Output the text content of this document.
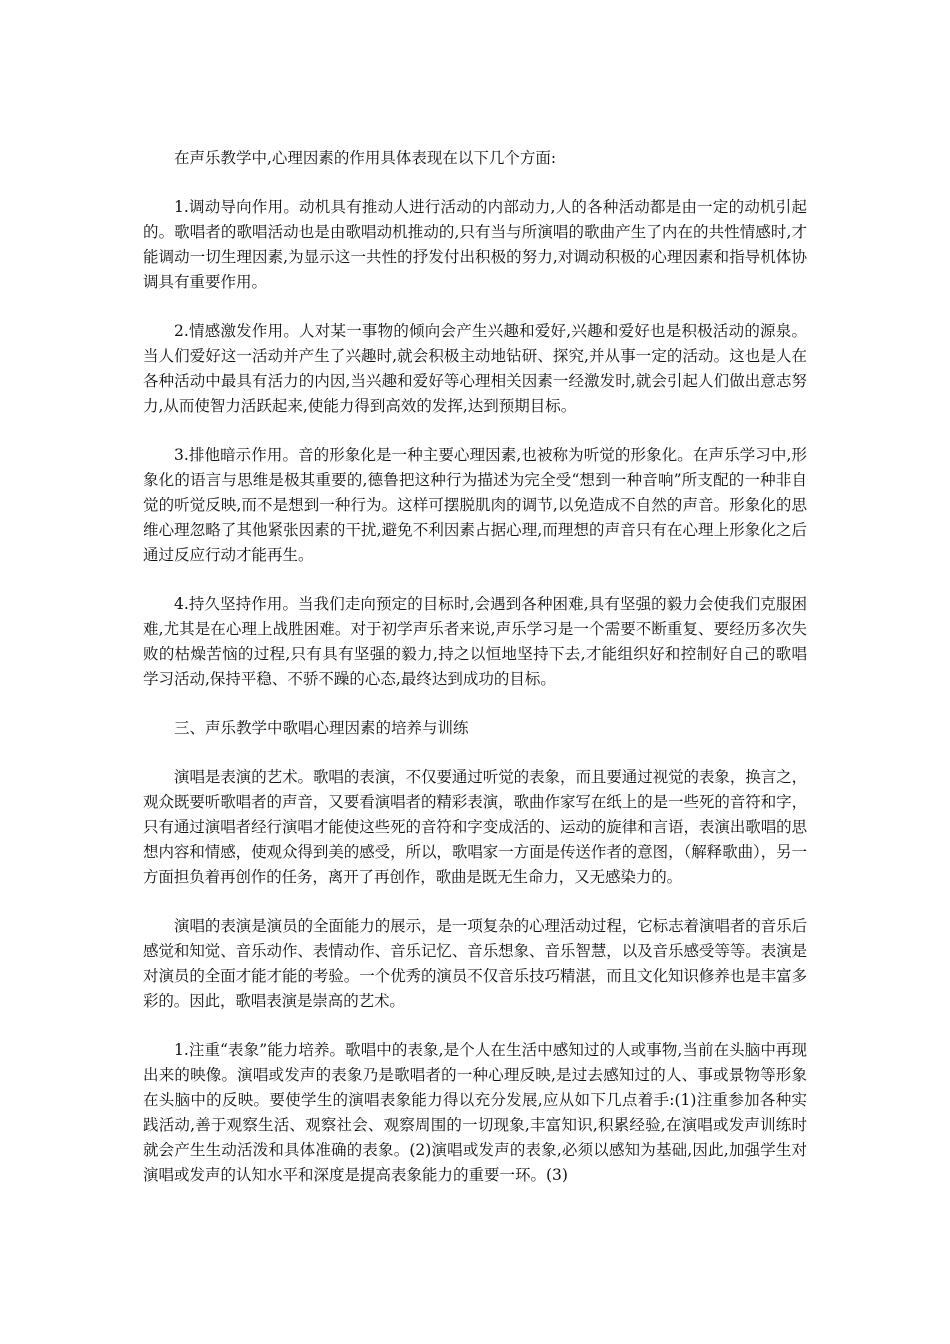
在声乐教学中,心理因素的作用具体表现在以下几个方面:

1.调动导向作用。动机具有推动人进行活动的内部动力,人的各种活动都是由一定的动机引起的。歌唱者的歌唱活动也是由歌唱动机推动的,只有当与所演唱的歌曲产生了内在的共性情感时,才能调动一切生理因素,为显示这一共性的抒发付出积极的努力,对调动积极的心理因素和指导机体协调具有重要作用。

2.情感激发作用。人对某一事物的倾向会产生兴趣和爱好,兴趣和爱好也是积极活动的源泉。当人们爱好这一活动并产生了兴趣时,就会积极主动地钻研、探究,并从事一定的活动。这也是人在各种活动中最具有活力的内因,当兴趣和爱好等心理相关因素一经激发时,就会引起人们做出意志努力,从而使智力活跃起来,使能力得到高效的发挥,达到预期目标。

3.排他暗示作用。音的形象化是一种主要心理因素,也被称为听觉的形象化。在声乐学习中,形象化的语言与思维是极其重要的,德鲁把这种行为描述为完全受“想到一种音响”所支配的一种非自觉的听觉反映,而不是想到一种行为。这样可摆脱肌肉的调节,以免造成不自然的声音。形象化的思维心理忽略了其他紧张因素的干扰,避免不利因素占据心理,而理想的声音只有在心理上形象化之后通过反应行动才能再生。

4.持久坚持作用。当我们走向预定的目标时,会遇到各种困难,具有坚强的毅力会使我们克服困难,尤其是在心理上战胜困难。对于初学声乐者来说,声乐学习是一个需要不断重复、要经历多次失败的枯燥苦恼的过程,只有具有坚强的毅力,持之以恒地坚持下去,才能组织好和控制好自己的歌唱学习活动,保持平稳、不骄不躁的心态,最终达到成功的目标。

三、声乐教学中歌唱心理因素的培养与训练

演唱是表演的艺术。歌唱的表演，不仅要通过听觉的表象，而且要通过视觉的表象，换言之，观众既要听歌唱者的声音，又要看演唱者的精彩表演，歌曲作家写在纸上的是一些死的音符和字，只有通过演唱者经行演唱才能使这些死的音符和字变成活的、运动的旋律和言语，表演出歌唱的思想内容和情感，使观众得到美的感受，所以，歌唱家一方面是传送作者的意图，（解释歌曲），另一方面担负着再创作的任务，离开了再创作，歌曲是既无生命力，又无感染力的。

演唱的表演是演员的全面能力的展示，是一项复杂的心理活动过程，它标志着演唱者的音乐后感觉和知觉、音乐动作、表情动作、音乐记忆、音乐想象、音乐智慧，以及音乐感受等等。表演是对演员的全面才能才能的考验。一个优秀的演员不仅音乐技巧精湛，而且文化知识修养也是丰富多彩的。因此，歌唱表演是崇高的艺术。

1.注重“表象”能力培养。歌唱中的表象,是个人在生活中感知过的人或事物,当前在头脑中再现出来的映像。演唱或发声的表象乃是歌唱者的一种心理反映,是过去感知过的人、事或景物等形象在头脑中的反映。要使学生的演唱表象能力得以充分发展,应从如下几点着手:(1)注重参加各种实践活动,善于观察生活、观察社会、观察周围的一切现象,丰富知识,积累经验,在演唱或发声训练时就会产生生动活泼和具体准确的表象。(2)演唱或发声的表象,必须以感知为基础,因此,加强学生对演唱或发声的认知水平和深度是提高表象能力的重要一环。(3)
